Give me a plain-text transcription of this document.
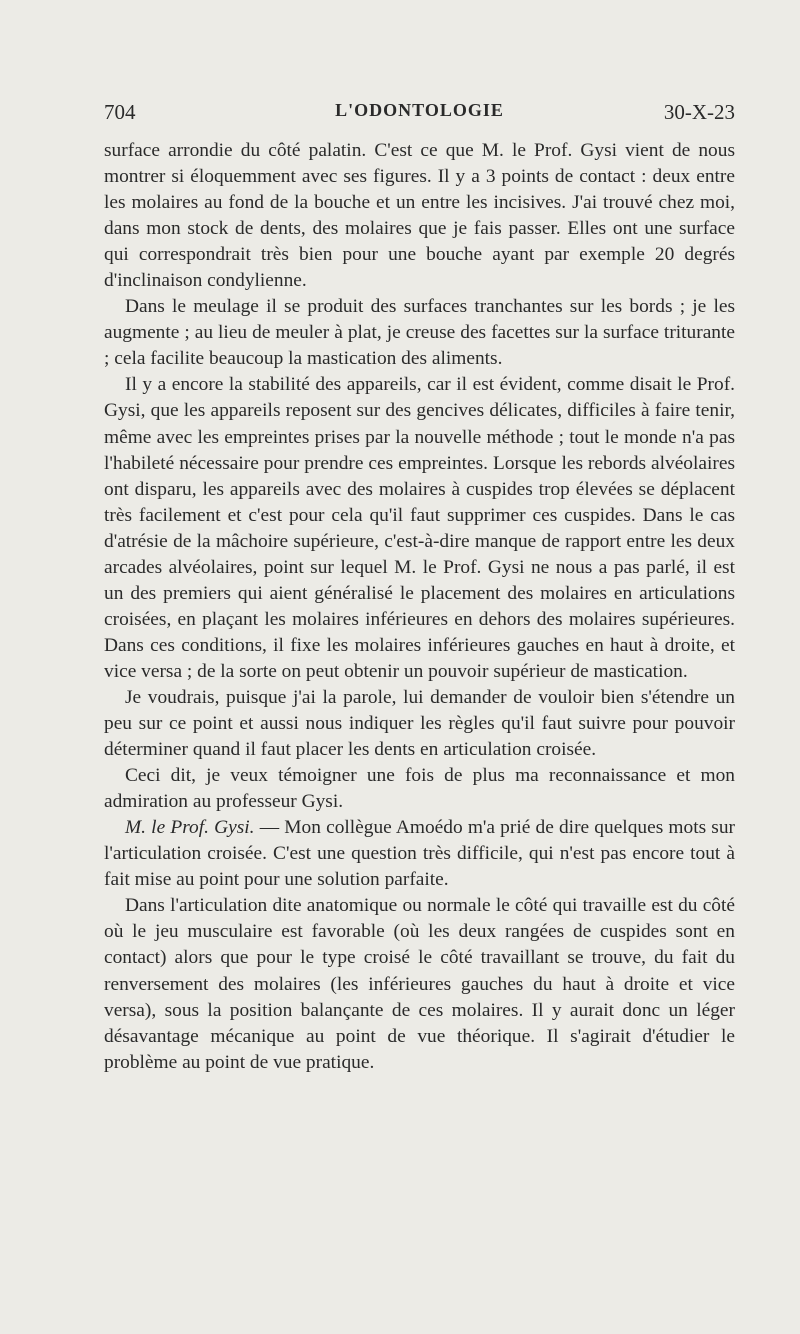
704	L'ODONTOLOGIE	30-X-23

surface arrondie du côté palatin. C'est ce que M. le Prof. Gysi vient de nous montrer si éloquemment avec ses figures. Il y a 3 points de contact : deux entre les molaires au fond de la bouche et un entre les incisives. J'ai trouvé chez moi, dans mon stock de dents, des molaires que je fais passer. Elles ont une surface qui correspondrait très bien pour une bouche ayant par exemple 20 degrés d'inclinaison condylienne.

Dans le meulage il se produit des surfaces tranchantes sur les bords ; je les augmente ; au lieu de meuler à plat, je creuse des facettes sur la surface triturante ; cela facilite beaucoup la mastication des aliments.

Il y a encore la stabilité des appareils, car il est évident, comme disait le Prof. Gysi, que les appareils reposent sur des gencives délicates, difficiles à faire tenir, même avec les empreintes prises par la nouvelle méthode ; tout le monde n'a pas l'habileté nécessaire pour prendre ces empreintes. Lorsque les rebords alvéolaires ont disparu, les appareils avec des molaires à cuspides trop élevées se déplacent très facilement et c'est pour cela qu'il faut supprimer ces cuspides. Dans le cas d'atrésie de la mâchoire supérieure, c'est-à-dire manque de rapport entre les deux arcades alvéolaires, point sur lequel M. le Prof. Gysi ne nous a pas parlé, il est un des premiers qui aient généralisé le placement des molaires en articulations croisées, en plaçant les molaires inférieures en dehors des molaires supérieures. Dans ces conditions, il fixe les molaires inférieures gauches en haut à droite, et vice versa ; de la sorte on peut obtenir un pouvoir supérieur de mastication.

Je voudrais, puisque j'ai la parole, lui demander de vouloir bien s'étendre un peu sur ce point et aussi nous indiquer les règles qu'il faut suivre pour pouvoir déterminer quand il faut placer les dents en articulation croisée.

Ceci dit, je veux témoigner une fois de plus ma reconnaissance et mon admiration au professeur Gysi.

M. le Prof. Gysi. — Mon collègue Amoédo m'a prié de dire quelques mots sur l'articulation croisée. C'est une question très difficile, qui n'est pas encore tout à fait mise au point pour une solution parfaite.

Dans l'articulation dite anatomique ou normale le côté qui travaille est du côté où le jeu musculaire est favorable (où les deux rangées de cuspides sont en contact) alors que pour le type croisé le côté travaillant se trouve, du fait du renversement des molaires (les inférieures gauches du haut à droite et vice versa), sous la position balançante de ces molaires. Il y aurait donc un léger désavantage mécanique au point de vue théorique. Il s'agirait d'étudier le problème au point de vue pratique.
